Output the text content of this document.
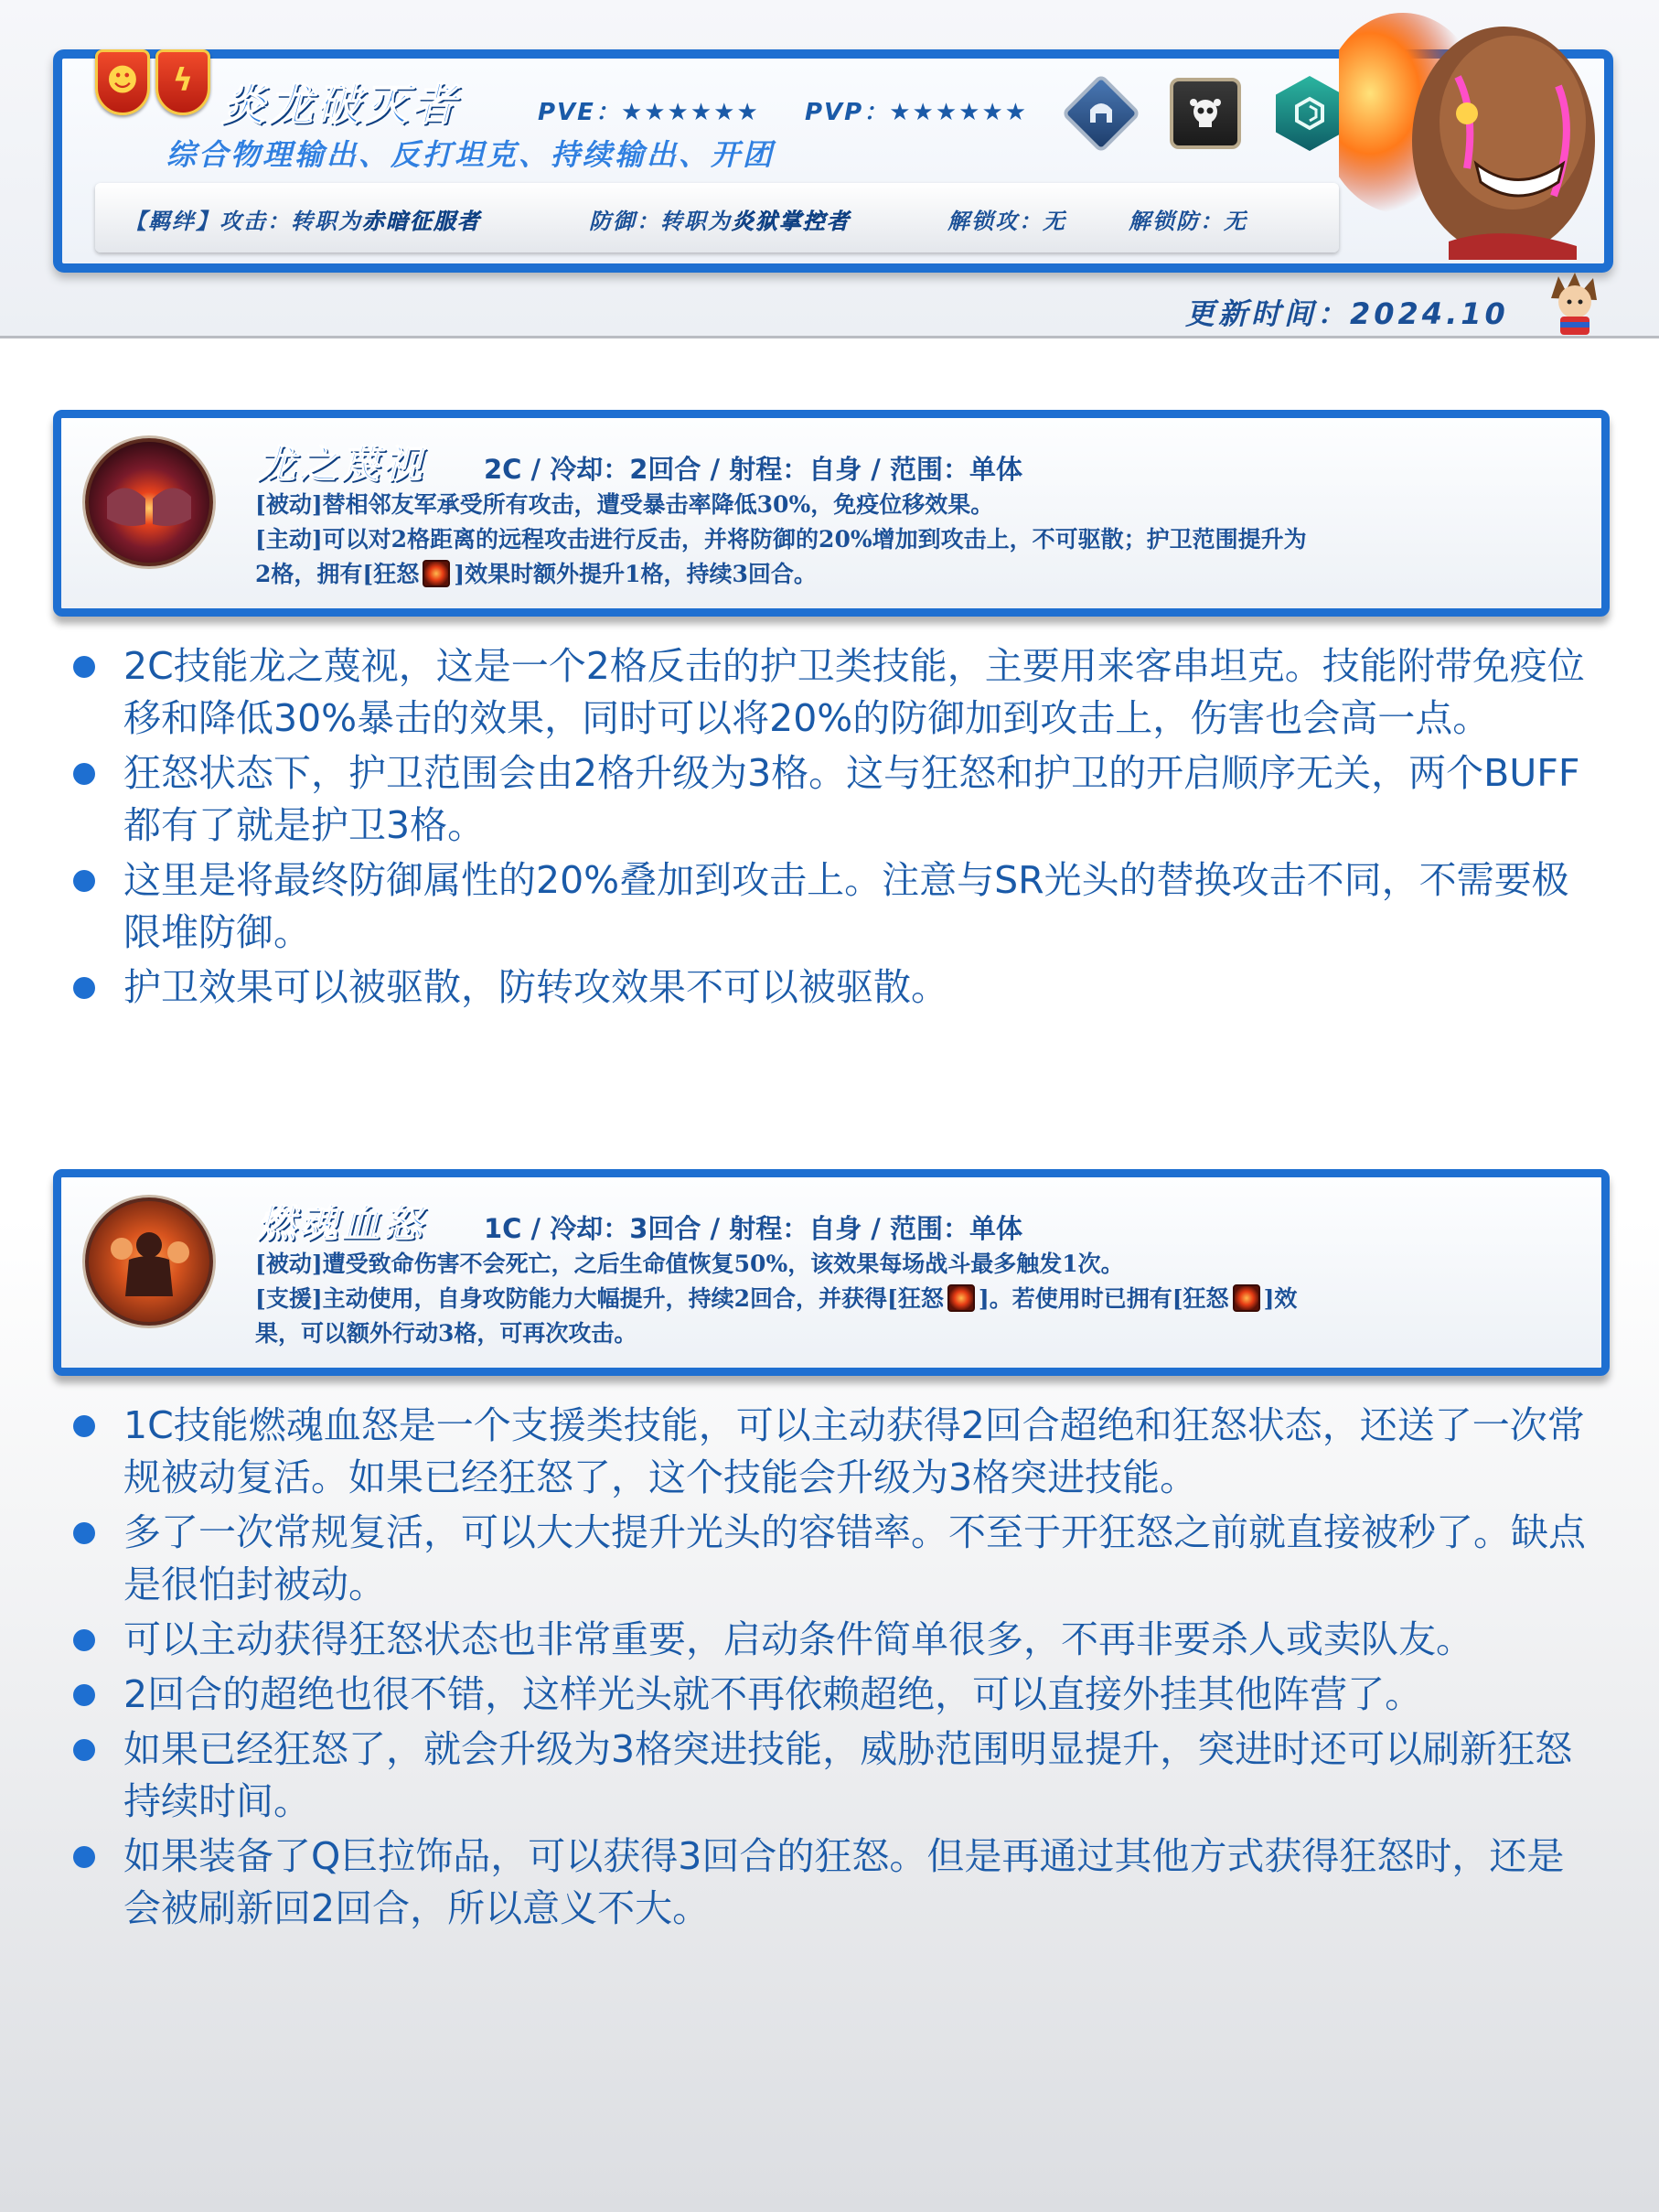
☻	ϟ 炎龙破灭者	PVE：★★★★★★ PVP：★★★★★★
综合物理输出、反打坦克、持续输出、开团
【羁绊】攻击：转职为赤暗征服者	防御：转职为炎狱掌控者	解锁攻：无	解锁防：无
更新时间：2024.10
龙之蔑视 2C / 冷却：2回合 / 射程：自身 / 范围：单体
[被动]替相邻友军承受所有攻击，遭受暴击率降低30%，免疫位移效果。
[主动]可以对2格距离的远程攻击进行反击，并将防御的20%增加到攻击上，不可驱散；护卫范围提升为
2格，拥有[狂怒 ]效果时额外提升1格，持续3回合。
2C技能龙之蔑视，这是一个2格反击的护卫类技能，主要用来客串坦克。技能附带免疫位移和降低30%暴击的效果，同时可以将20%的防御加到攻击上，伤害也会高一点。
狂怒状态下，护卫范围会由2格升级为3格。这与狂怒和护卫的开启顺序无关，两个BUFF都有了就是护卫3格。
这里是将最终防御属性的20%叠加到攻击上。注意与SR光头的替换攻击不同，不需要极限堆防御。
护卫效果可以被驱散，防转攻效果不可以被驱散。
燃魂血怒 1C / 冷却：3回合 / 射程：自身 / 范围：单体
[被动]遭受致命伤害不会死亡，之后生命值恢复50%，该效果每场战斗最多触发1次。
[支援]主动使用，自身攻防能力大幅提升，持续2回合，并获得[狂怒 ]。若使用时已拥有[狂怒 ]效
果，可以额外行动3格，可再次攻击。
1C技能燃魂血怒是一个支援类技能，可以主动获得2回合超绝和狂怒状态，还送了一次常规被动复活。如果已经狂怒了，这个技能会升级为3格突进技能。
多了一次常规复活，可以大大提升光头的容错率。不至于开狂怒之前就直接被秒了。缺点是很怕封被动。
可以主动获得狂怒状态也非常重要，启动条件简单很多，不再非要杀人或卖队友。
2回合的超绝也很不错，这样光头就不再依赖超绝，可以直接外挂其他阵营了。
如果已经狂怒了，就会升级为3格突进技能，威胁范围明显提升，突进时还可以刷新狂怒持续时间。
如果装备了Q巨拉饰品，可以获得3回合的狂怒。但是再通过其他方式获得狂怒时，还是会被刷新回2回合，所以意义不大。
